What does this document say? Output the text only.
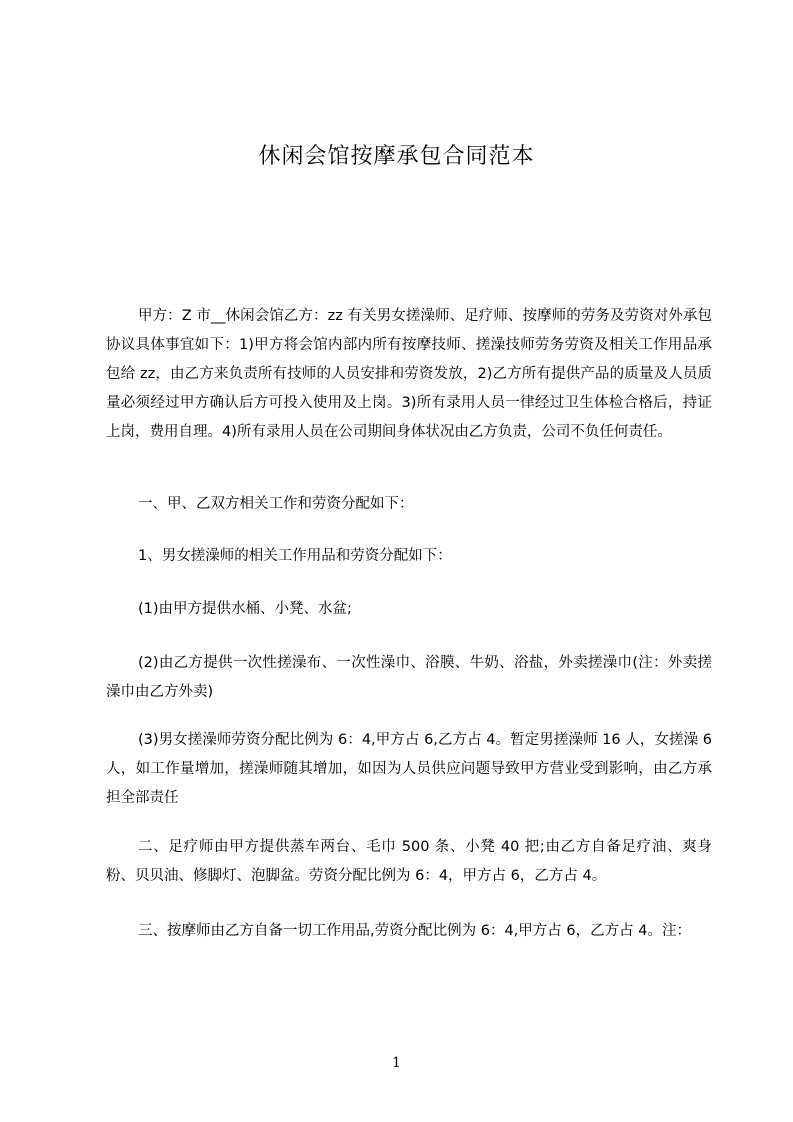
休闲会馆按摩承包合同范本

甲方：Z 市__休闲会馆乙方：zz 有关男女搓澡师、足疗师、按摩师的劳务及劳资对外承包协议具体事宜如下：1)甲方将会馆内部内所有按摩技师、搓澡技师劳务劳资及相关工作用品承包给 zz，由乙方来负责所有技师的人员安排和劳资发放，2)乙方所有提供产品的质量及人员质量必须经过甲方确认后方可投入使用及上岗。3)所有录用人员一律经过卫生体检合格后，持证上岗，费用自理。4)所有录用人员在公司期间身体状况由乙方负责，公司不负任何责任。

一、甲、乙双方相关工作和劳资分配如下：

1、男女搓澡师的相关工作用品和劳资分配如下：

(1)由甲方提供水桶、小凳、水盆;

(2)由乙方提供一次性搓澡布、一次性澡巾、浴膜、牛奶、浴盐，外卖搓澡巾(注：外卖搓澡巾由乙方外卖)

(3)男女搓澡师劳资分配比例为 6：4,甲方占 6,乙方占 4。暂定男搓澡师 16 人，女搓澡 6 人，如工作量增加，搓澡师随其增加，如因为人员供应问题导致甲方营业受到影响，由乙方承担全部责任

二、足疗师由甲方提供蒸车两台、毛巾 500 条、小凳 40 把;由乙方自备足疗油、爽身粉、贝贝油、修脚灯、泡脚盆。劳资分配比例为 6：4，甲方占 6，乙方占 4。

三、按摩师由乙方自备一切工作用品,劳资分配比例为 6：4,甲方占 6，乙方占 4。注：

1
